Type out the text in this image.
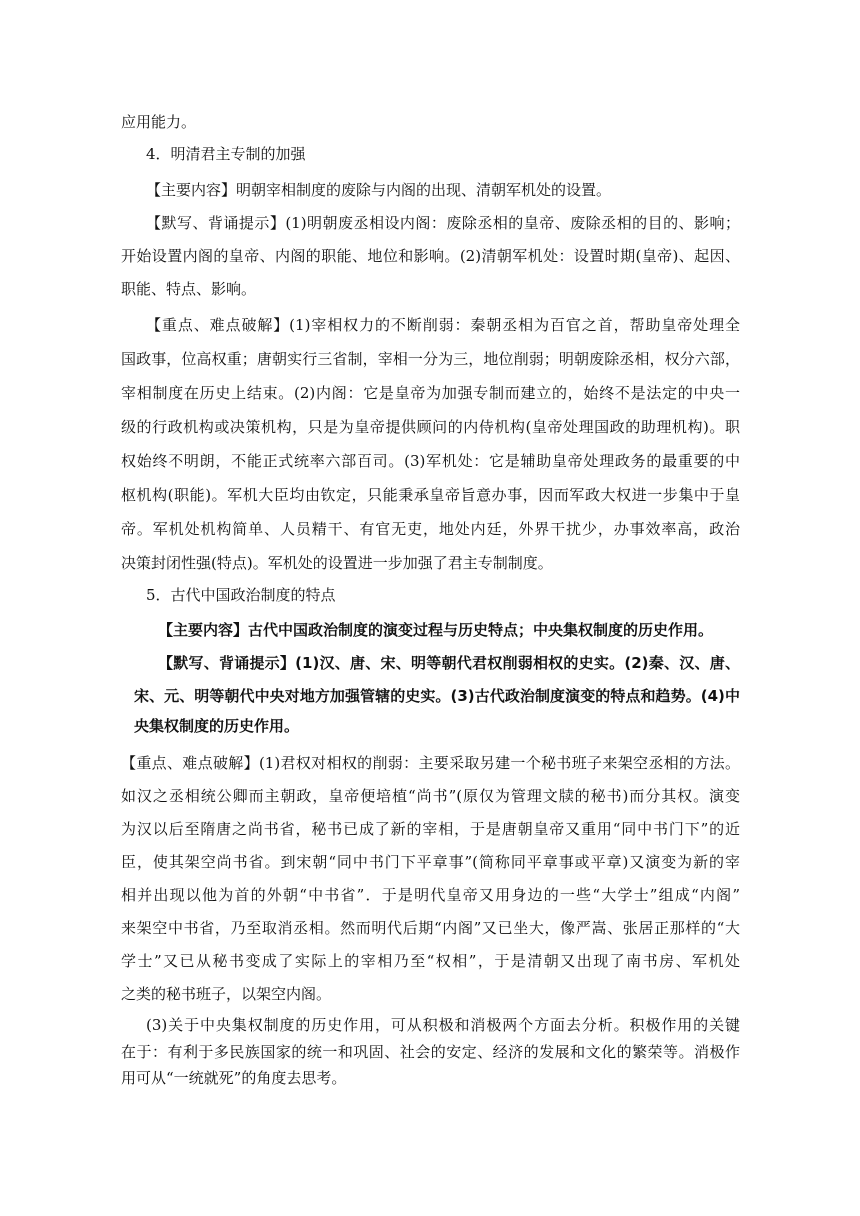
应用能力。
4．明清君主专制的加强
【主要内容】明朝宰相制度的废除与内阁的出现、清朝军机处的设置。
【默写、背诵提示】(1)明朝废丞相设内阁：废除丞相的皇帝、废除丞相的目的、影响；
开始设置内阁的皇帝、内阁的职能、地位和影响。(2)清朝军机处：设置时期(皇帝)、起因、
职能、特点、影响。
【重点、难点破解】(1)宰相权力的不断削弱：秦朝丞相为百官之首，帮助皇帝处理全
国政事，位高权重；唐朝实行三省制，宰相一分为三，地位削弱；明朝废除丞相，权分六部，
宰相制度在历史上结束。(2)内阁：它是皇帝为加强专制而建立的，始终不是法定的中央一
级的行政机构或决策机构，只是为皇帝提供顾问的内侍机构(皇帝处理国政的助理机构)。职
权始终不明朗，不能正式统率六部百司。(3)军机处：它是辅助皇帝处理政务的最重要的中
枢机构(职能)。军机大臣均由钦定，只能秉承皇帝旨意办事，因而军政大权进一步集中于皇
帝。军机处机构简单、人员精干、有官无吏，地处内廷，外界干扰少，办事效率高，政治
决策封闭性强(特点)。军机处的设置进一步加强了君主专制制度。
5．古代中国政治制度的特点
【主要内容】古代中国政治制度的演变过程与历史特点；中央集权制度的历史作用。
【默写、背诵提示】(1)汉、唐、宋、明等朝代君权削弱相权的史实。(2)秦、汉、唐、
宋、元、明等朝代中央对地方加强管辖的史实。(3)古代政治制度演变的特点和趋势。(4)中
央集权制度的历史作用。
【重点、难点破解】(1)君权对相权的削弱：主要采取另建一个秘书班子来架空丞相的方法。
如汉之丞相统公卿而主朝政，皇帝便培植“尚书”(原仅为管理文牍的秘书)而分其权。演变
为汉以后至隋唐之尚书省，秘书已成了新的宰相，于是唐朝皇帝又重用“同中书门下”的近
臣，使其架空尚书省。到宋朝“同中书门下平章事”(简称同平章事或平章)又演变为新的宰
相并出现以他为首的外朝“中书省”．于是明代皇帝又用身边的一些“大学士”组成“内阁”
来架空中书省，乃至取消丞相。然而明代后期“内阁”又已坐大，像严嵩、张居正那样的“大
学士”又已从秘书变成了实际上的宰相乃至“权相”，于是清朝又出现了南书房、军机处
之类的秘书班子，以架空内阁。
(3)关于中央集权制度的历史作用，可从积极和消极两个方面去分析。积极作用的关键
在于：有利于多民族国家的统一和巩固、社会的安定、经济的发展和文化的繁荣等。消极作
用可从“一统就死”的角度去思考。
